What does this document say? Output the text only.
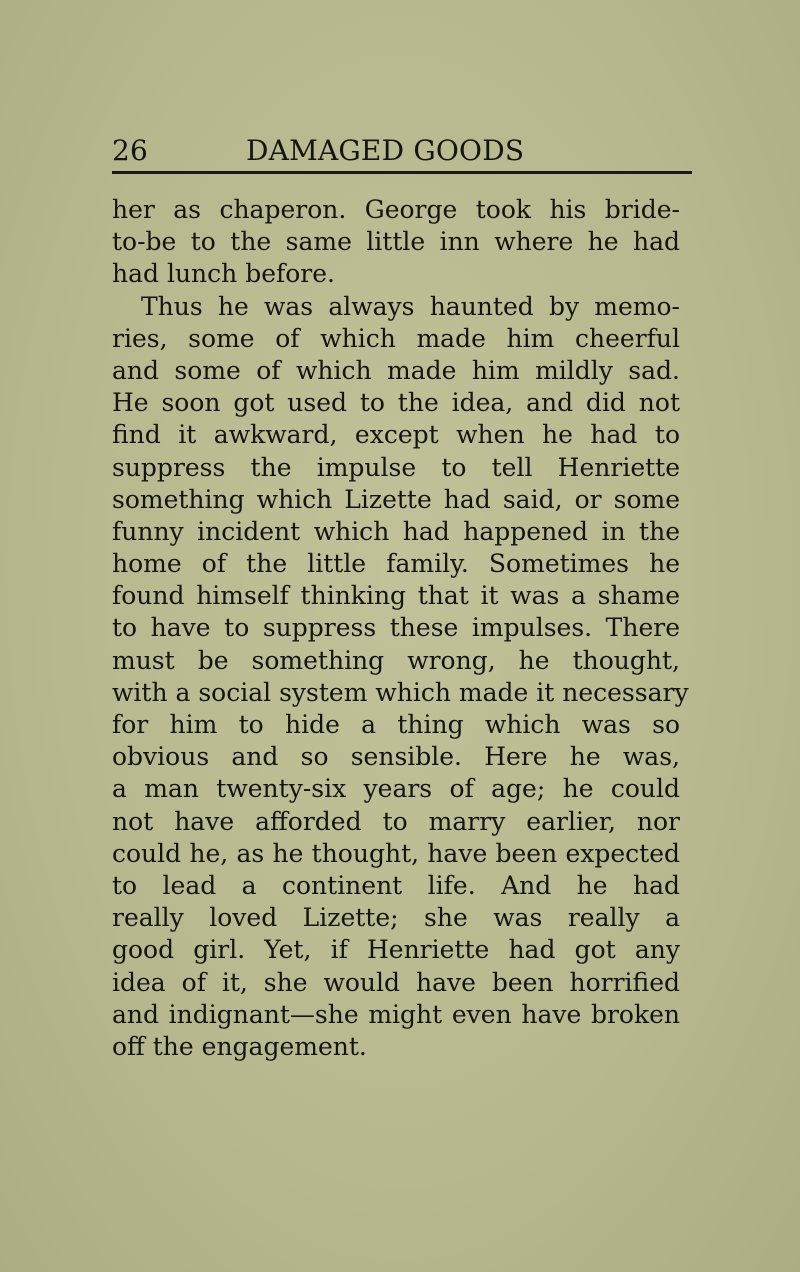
26	DAMAGED GOODS
her as chaperon. George took his bride-
to-be to the same little inn where he had
had lunch before.
Thus he was always haunted by memo-
ries, some of which made him cheerful
and some of which made him mildly sad.
He soon got used to the idea, and did not
find it awkward, except when he had to
suppress the impulse to tell Henriette
something which Lizette had said, or some
funny incident which had happened in the
home of the little family. Sometimes he
found himself thinking that it was a shame
to have to suppress these impulses. There
must be something wrong, he thought,
with a social system which made it necessary
for him to hide a thing which was so
obvious and so sensible. Here he was,
a man twenty-six years of age; he could
not have afforded to marry earlier, nor
could he, as he thought, have been expected
to lead a continent life. And he had
really loved Lizette; she was really a
good girl. Yet, if Henriette had got any
idea of it, she would have been horrified
and indignant—she might even have broken
off the engagement.
